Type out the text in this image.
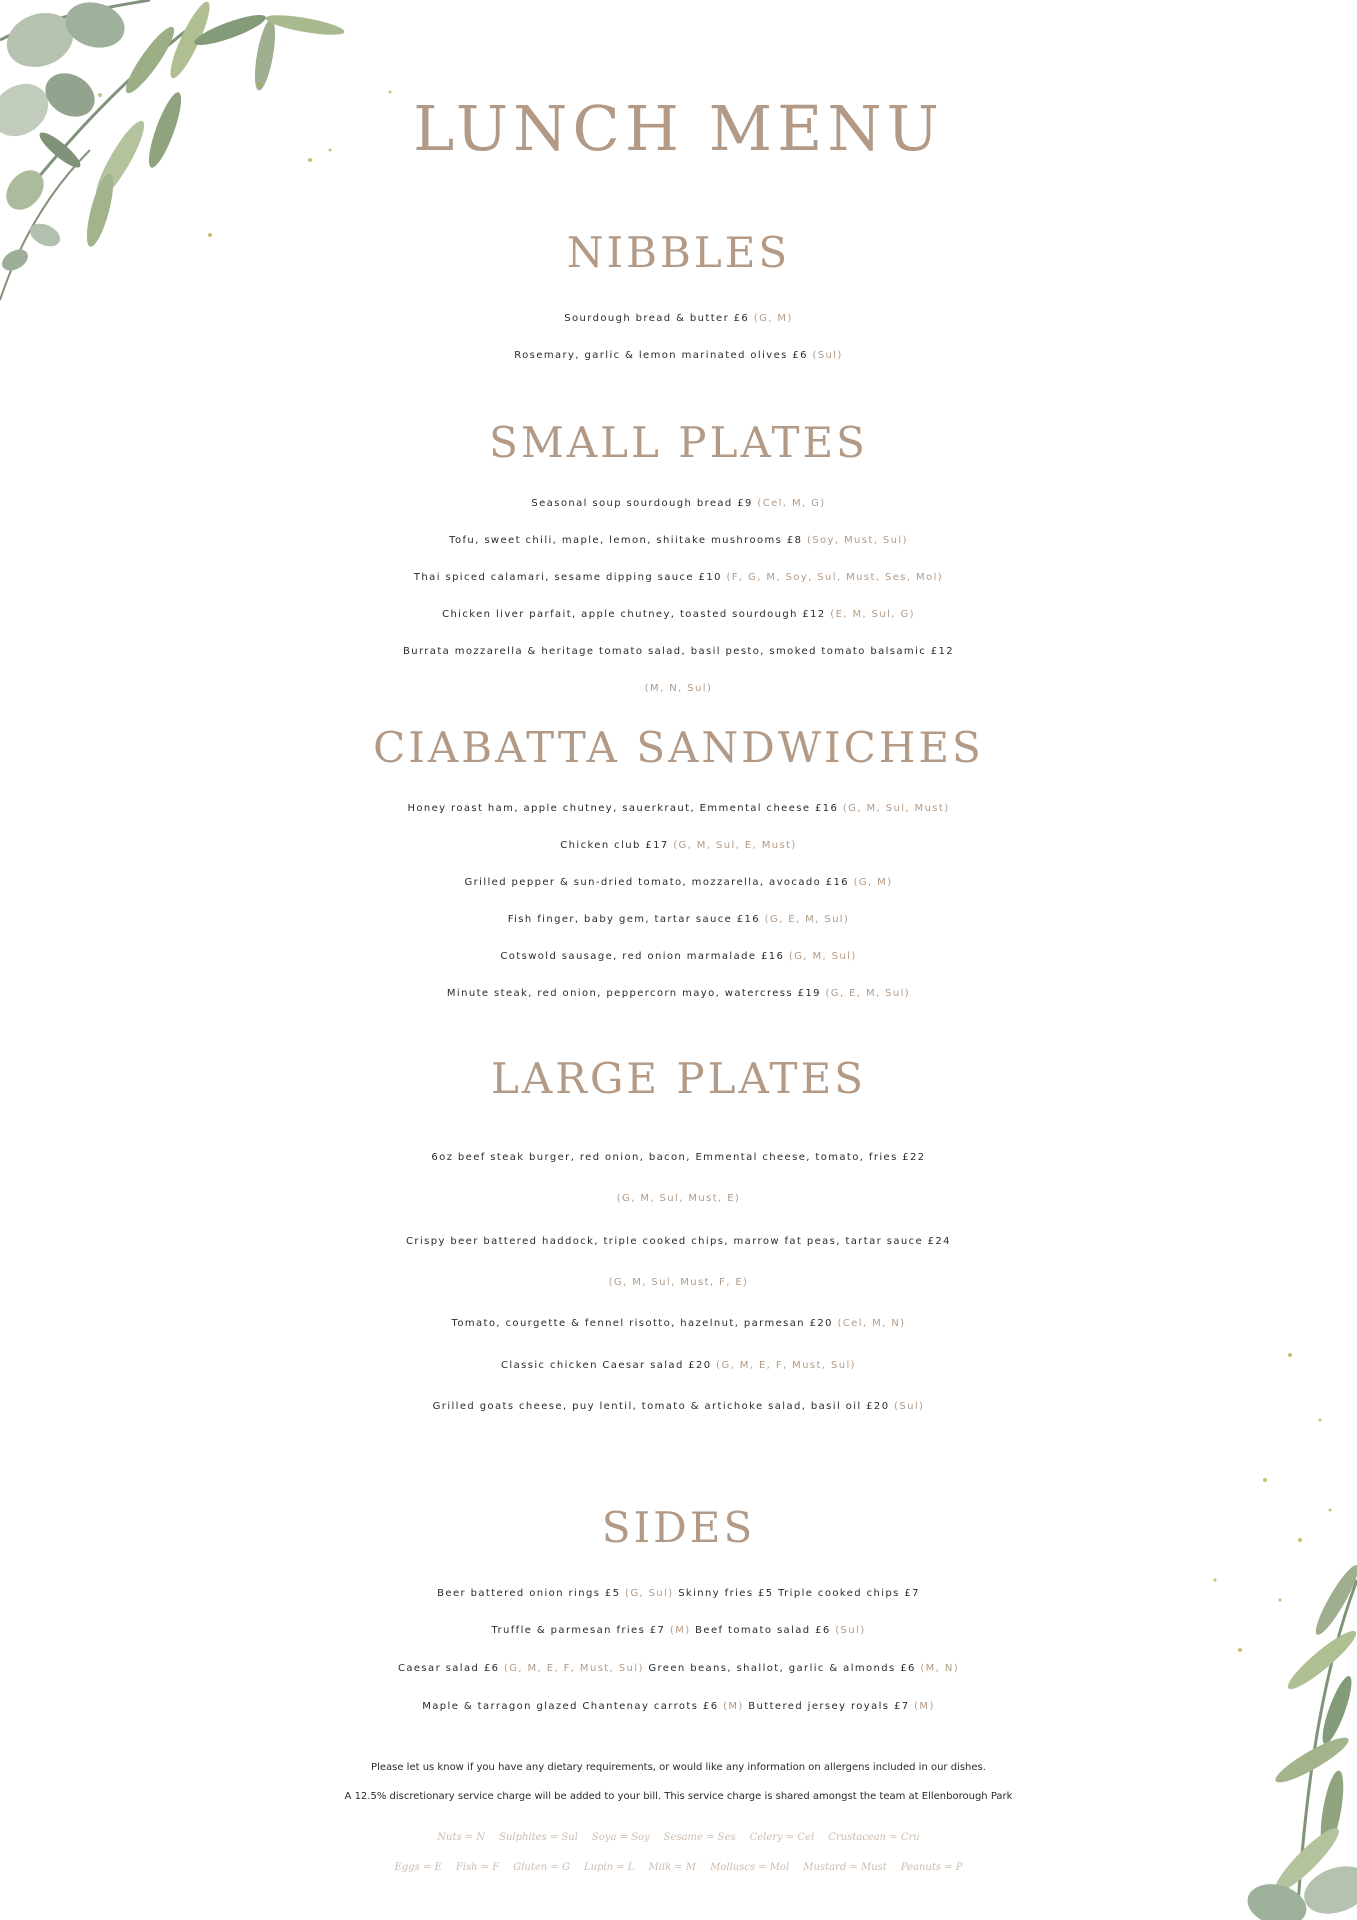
LUNCH MENU
NIBBLES

Sourdough bread & butter £6 (G, M)

Rosemary, garlic & lemon marinated olives £6 (Sul)

SMALL PLATES

Seasonal soup sourdough bread £9 (Cel, M, G)

Tofu, sweet chili, maple, lemon, shiitake mushrooms £8 (Soy, Must, Sul)

Thai spiced calamari, sesame dipping sauce £10 (F, G, M, Soy, Sul, Must, Ses, Mol)

Chicken liver parfait, apple chutney, toasted sourdough £12 (E, M, Sul, G)

Burrata mozzarella & heritage tomato salad, basil pesto, smoked tomato balsamic £12

(M, N, Sul)

CIABATTA SANDWICHES

Honey roast ham, apple chutney, sauerkraut, Emmental cheese £16 (G, M, Sul, Must)

Chicken club £17 (G, M, Sul, E, Must)

Grilled pepper & sun-dried tomato, mozzarella, avocado £16 (G, M)

Fish finger, baby gem, tartar sauce £16 (G, E, M, Sul)

Cotswold sausage, red onion marmalade £16 (G, M, Sul)

Minute steak, red onion, peppercorn mayo, watercress £19 (G, E, M, Sul)

LARGE PLATES

6oz beef steak burger, red onion, bacon, Emmental cheese, tomato, fries £22

(G, M, Sul, Must, E)

Crispy beer battered haddock, triple cooked chips, marrow fat peas, tartar sauce £24

(G, M, Sul, Must, F, E)

Tomato, courgette & fennel risotto, hazelnut, parmesan £20 (Cel, M, N)

Classic chicken Caesar salad £20 (G, M, E, F, Must, Sul)

Grilled goats cheese, puy lentil, tomato & artichoke salad, basil oil £20 (Sul)

SIDES

Beer battered onion rings £5 (G, Sul) Skinny fries £5 Triple cooked chips £7

Truffle & parmesan fries £7 (M) Beef tomato salad £6 (Sul)

Caesar salad £6 (G, M, E, F, Must, Sul) Green beans, shallot, garlic & almonds £6 (M, N)

Maple & tarragon glazed Chantenay carrots £6 (M) Buttered jersey royals £7 (M)

Please let us know if you have any dietary requirements, or would like any information on allergens included in our dishes.
A 12.5% discretionary service charge will be added to your bill. This service charge is shared amongst the team at Ellenborough Park
Nuts = N Sulphites = Sul Soya = Soy Sesame = Ses Celery = Cel Crustacean = Cru
Eggs = E Fish = F Gluten = G Lupin = L Milk = M Molluscs = Mol Mustard = Must Peanuts = P
